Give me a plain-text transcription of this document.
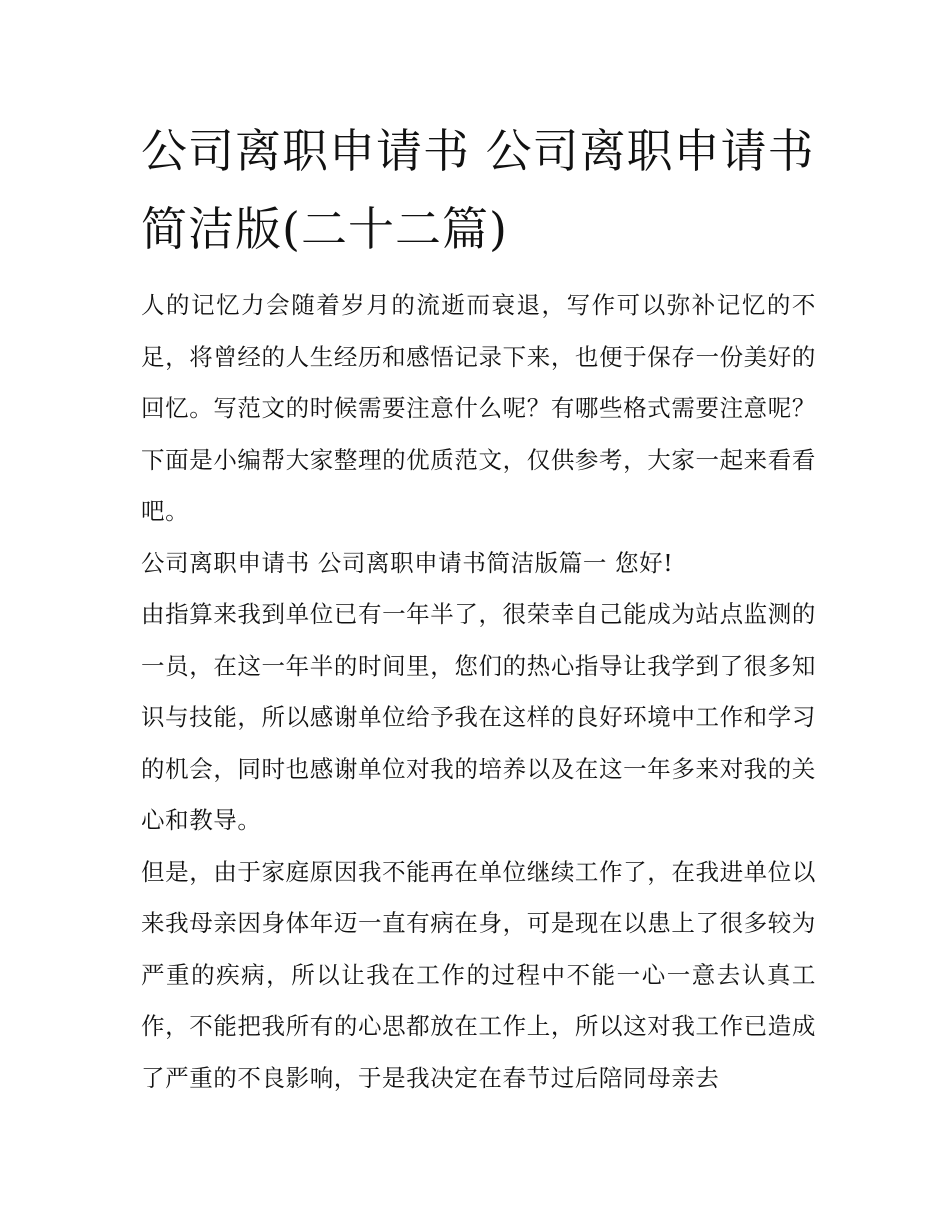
公司离职申请书 公司离职申请书简洁版(二十二篇)

人的记忆力会随着岁月的流逝而衰退，写作可以弥补记忆的不足，将曾经的人生经历和感悟记录下来，也便于保存一份美好的回忆。写范文的时候需要注意什么呢？有哪些格式需要注意呢？下面是小编帮大家整理的优质范文，仅供参考，大家一起来看看吧。

公司离职申请书 公司离职申请书简洁版篇一 您好!

由指算来我到单位已有一年半了，很荣幸自己能成为站点监测的一员，在这一年半的时间里，您们的热心指导让我学到了很多知识与技能，所以感谢单位给予我在这样的良好环境中工作和学习的机会，同时也感谢单位对我的培养以及在这一年多来对我的关心和教导。

但是，由于家庭原因我不能再在单位继续工作了，在我进单位以来我母亲因身体年迈一直有病在身，可是现在以患上了很多较为严重的疾病，所以让我在工作的过程中不能一心一意去认真工作，不能把我所有的心思都放在工作上，所以这对我工作已造成了严重的不良影响，于是我决定在春节过后陪同母亲去
